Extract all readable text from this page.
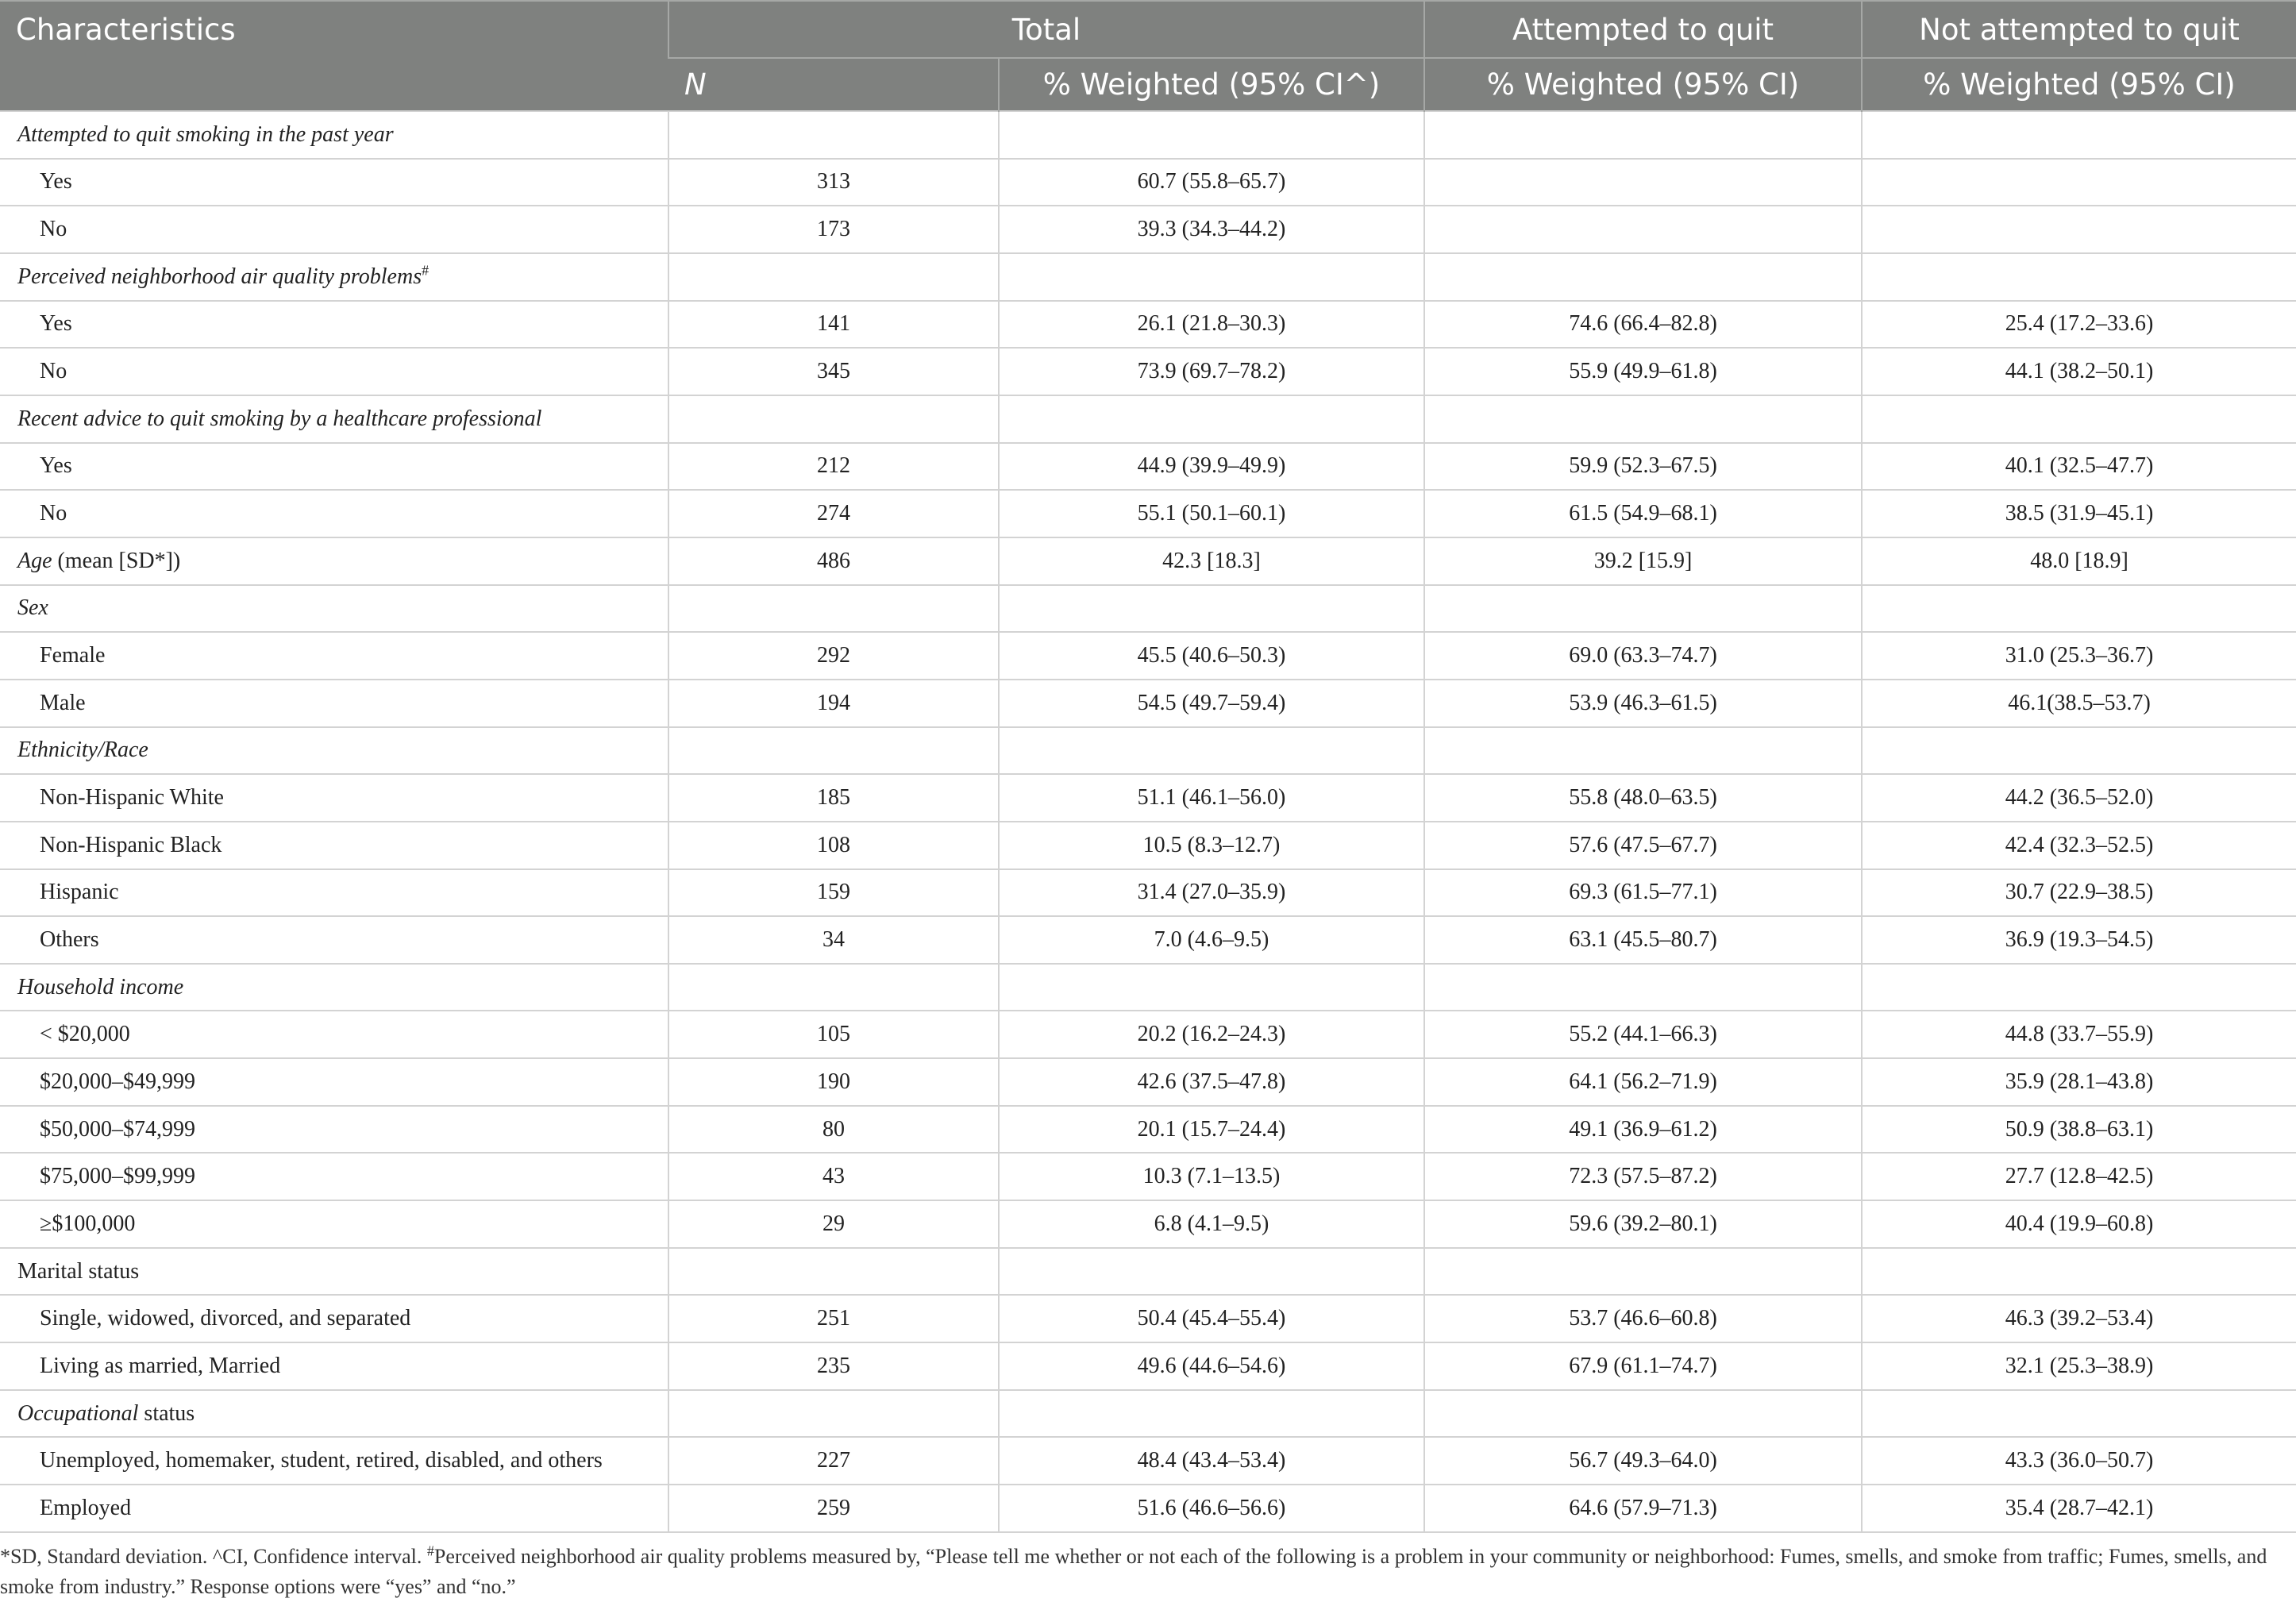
Characteristics	Total		Attempted to quit	Not attempted to quit
	N	% Weighted (95% CI^)	% Weighted (95% CI)	% Weighted (95% CI)
Attempted to quit smoking in the past year				
Yes	313	60.7 (55.8–65.7)		
No	173	39.3 (34.3–44.2)		
Perceived neighborhood air quality problems#				
Yes	141	26.1 (21.8–30.3)	74.6 (66.4–82.8)	25.4 (17.2–33.6)
No	345	73.9 (69.7–78.2)	55.9 (49.9–61.8)	44.1 (38.2–50.1)
Recent advice to quit smoking by a healthcare professional				
Yes	212	44.9 (39.9–49.9)	59.9 (52.3–67.5)	40.1 (32.5–47.7)
No	274	55.1 (50.1–60.1)	61.5 (54.9–68.1)	38.5 (31.9–45.1)
Age (mean [SD*])	486	42.3 [18.3]	39.2 [15.9]	48.0 [18.9]
Sex				
Female	292	45.5 (40.6–50.3)	69.0 (63.3–74.7)	31.0 (25.3–36.7)
Male	194	54.5 (49.7–59.4)	53.9 (46.3–61.5)	46.1(38.5–53.7)
Ethnicity/Race				
Non-Hispanic White	185	51.1 (46.1–56.0)	55.8 (48.0–63.5)	44.2 (36.5–52.0)
Non-Hispanic Black	108	10.5 (8.3–12.7)	57.6 (47.5–67.7)	42.4 (32.3–52.5)
Hispanic	159	31.4 (27.0–35.9)	69.3 (61.5–77.1)	30.7 (22.9–38.5)
Others	34	7.0 (4.6–9.5)	63.1 (45.5–80.7)	36.9 (19.3–54.5)
Household income				
< $20,000	105	20.2 (16.2–24.3)	55.2 (44.1–66.3)	44.8 (33.7–55.9)
$20,000–$49,999	190	42.6 (37.5–47.8)	64.1 (56.2–71.9)	35.9 (28.1–43.8)
$50,000–$74,999	80	20.1 (15.7–24.4)	49.1 (36.9–61.2)	50.9 (38.8–63.1)
$75,000–$99,999	43	10.3 (7.1–13.5)	72.3 (57.5–87.2)	27.7 (12.8–42.5)
≥$100,000	29	6.8 (4.1–9.5)	59.6 (39.2–80.1)	40.4 (19.9–60.8)
Marital status				
Single, widowed, divorced, and separated	251	50.4 (45.4–55.4)	53.7 (46.6–60.8)	46.3 (39.2–53.4)
Living as married, Married	235	49.6 (44.6–54.6)	67.9 (61.1–74.7)	32.1 (25.3–38.9)
Occupational status				
Unemployed, homemaker, student, retired, disabled, and others	227	48.4 (43.4–53.4)	56.7 (49.3–64.0)	43.3 (36.0–50.7)
Employed	259	51.6 (46.6–56.6)	64.6 (57.9–71.3)	35.4 (28.7–42.1)
*SD, Standard deviation. ^CI, Confidence interval. #Perceived neighborhood air quality problems measured by, “Please tell me whether or not each of the following is a problem in your community or neighborhood: Fumes, smells, and smoke from traffic; Fumes, smells, and smoke from industry.” Response options were “yes” and “no.”
